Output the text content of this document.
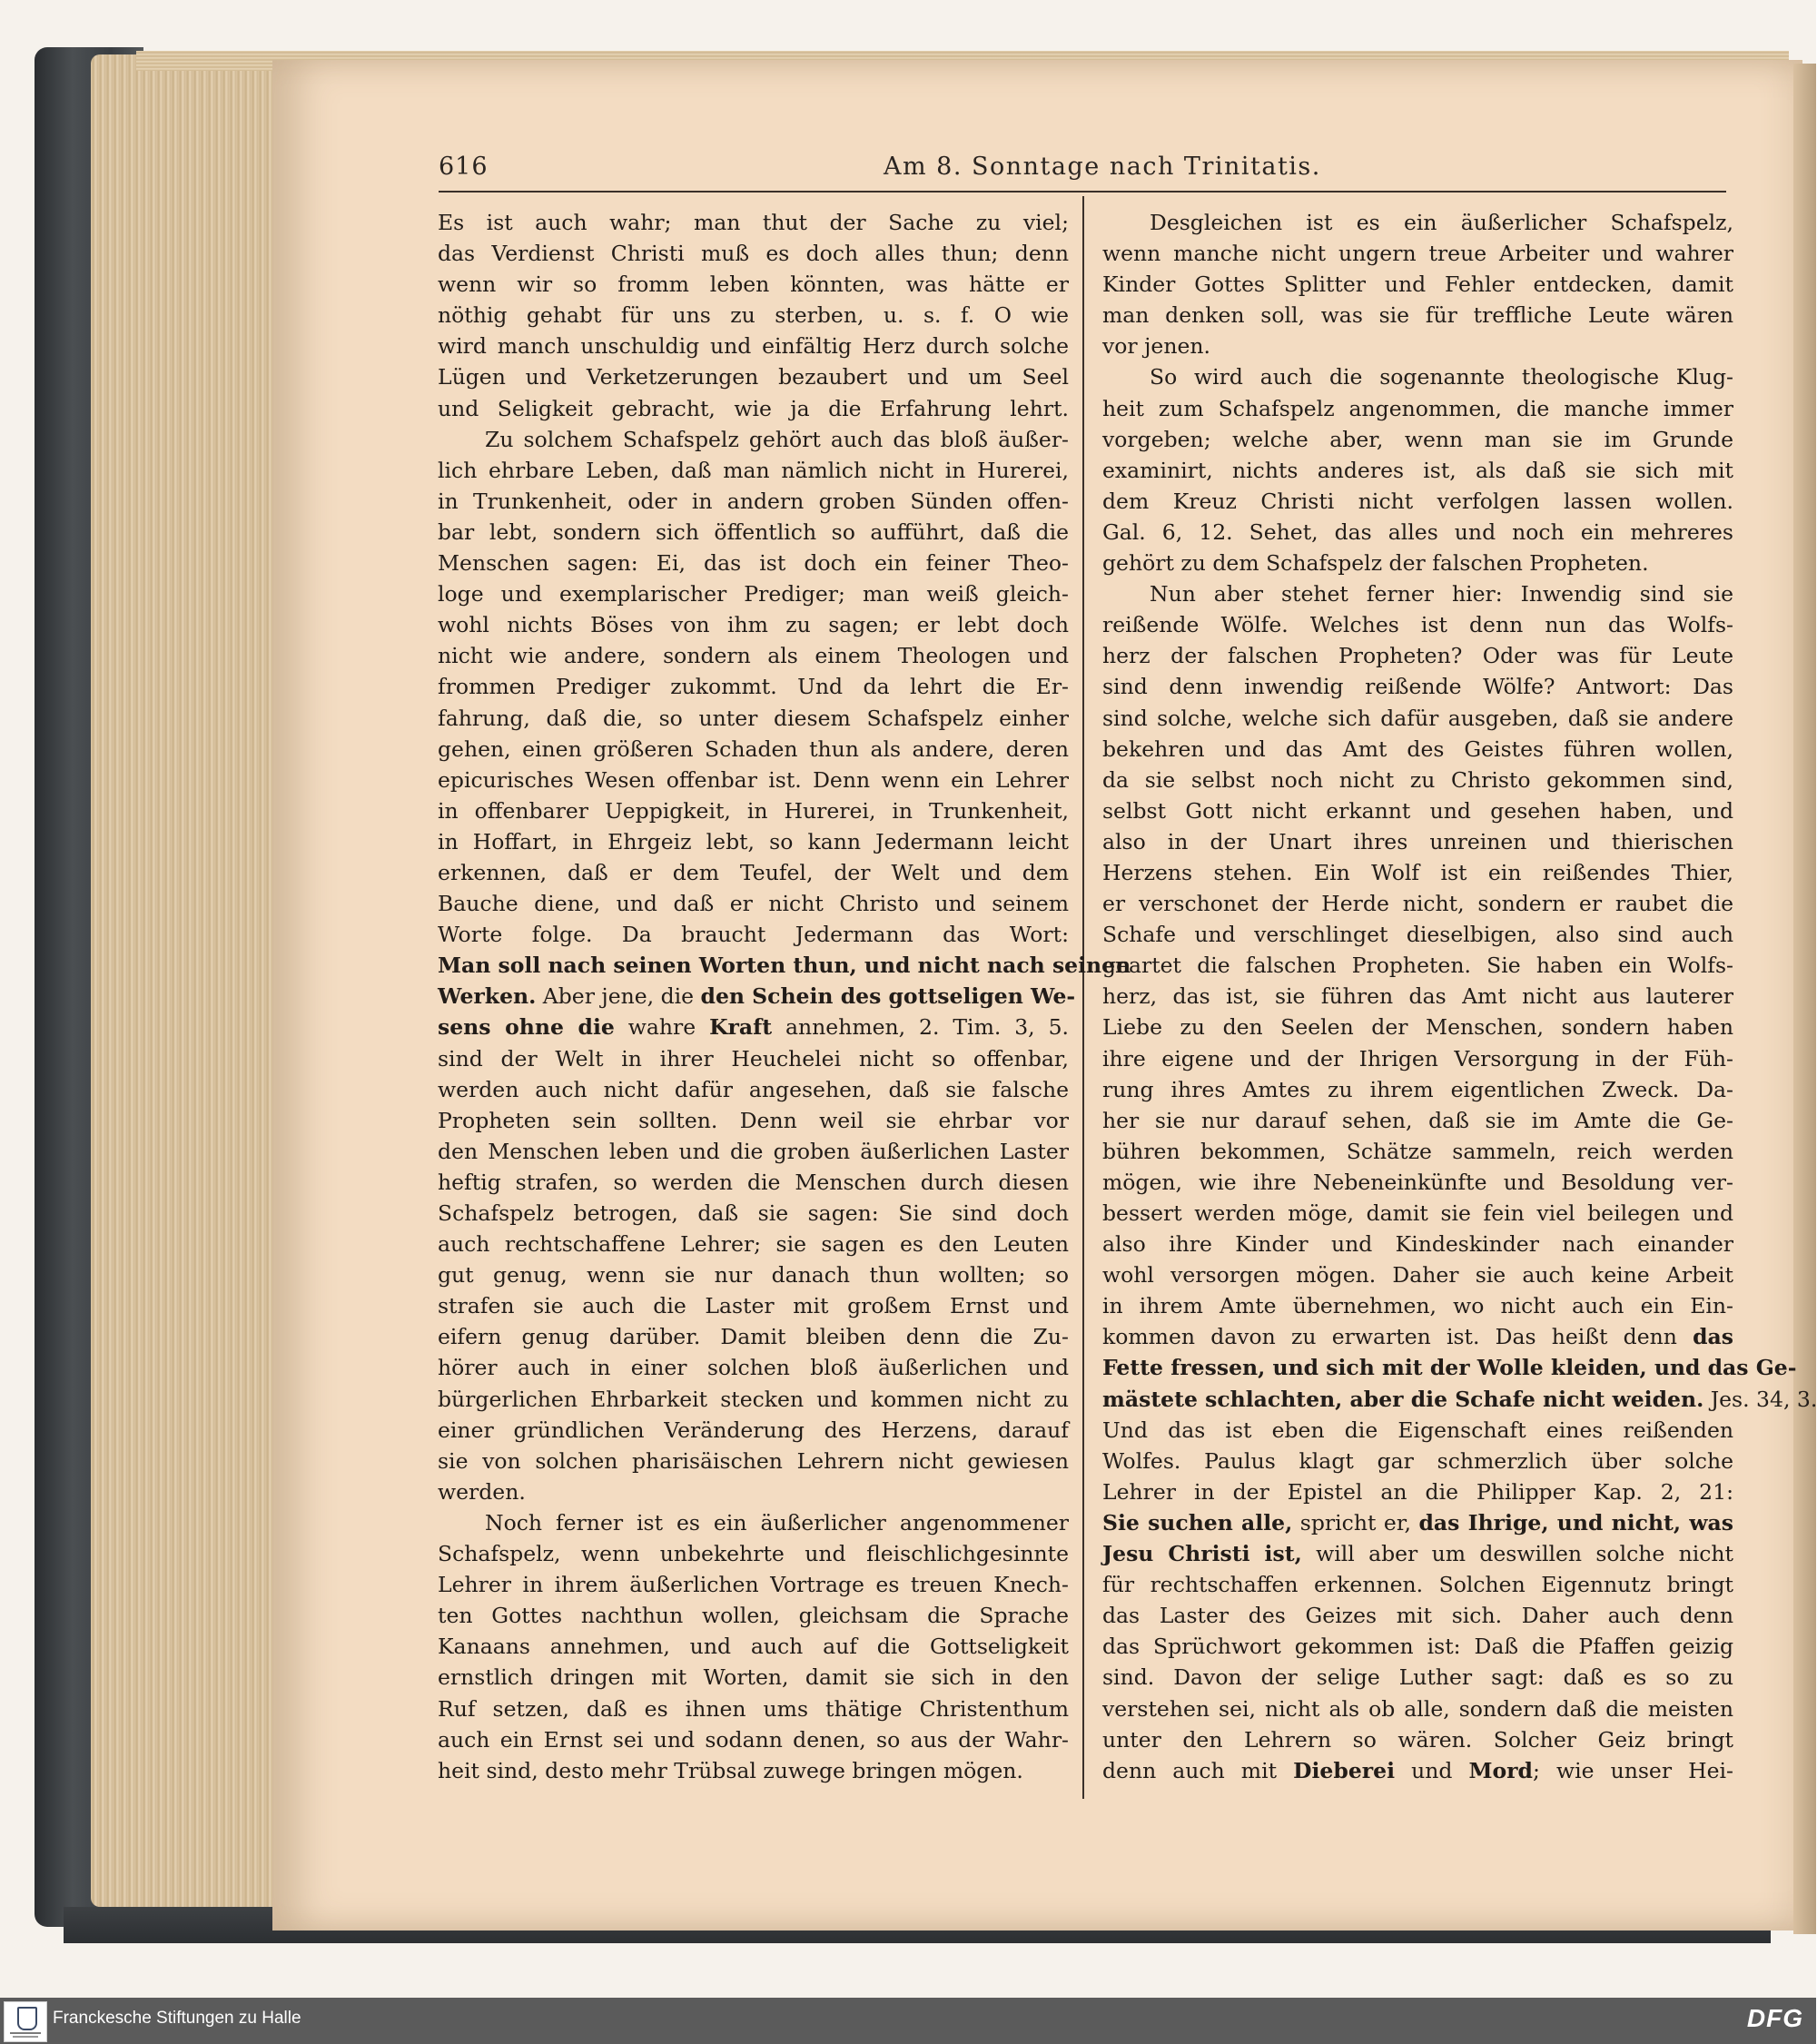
616	Am 8. Sonntage nach Trinitatis.
Es ist auch wahr; man thut der Sache zu viel;
das Verdienst Christi muß es doch alles thun; denn
wenn wir so fromm leben könnten, was hätte er
nöthig gehabt für uns zu sterben, u. s. f. O wie
wird manch unschuldig und einfältig Herz durch solche
Lügen und Verketzerungen bezaubert und um Seel
und Seligkeit gebracht, wie ja die Erfahrung lehrt.
Zu solchem Schafspelz gehört auch das bloß äußer-
lich ehrbare Leben, daß man nämlich nicht in Hurerei,
in Trunkenheit, oder in andern groben Sünden offen-
bar lebt, sondern sich öffentlich so aufführt, daß die
Menschen sagen: Ei, das ist doch ein feiner Theo-
loge und exemplarischer Prediger; man weiß gleich-
wohl nichts Böses von ihm zu sagen; er lebt doch
nicht wie andere, sondern als einem Theologen und
frommen Prediger zukommt. Und da lehrt die Er-
fahrung, daß die, so unter diesem Schafspelz einher
gehen, einen größeren Schaden thun als andere, deren
epicurisches Wesen offenbar ist. Denn wenn ein Lehrer
in offenbarer Ueppigkeit, in Hurerei, in Trunkenheit,
in Hoffart, in Ehrgeiz lebt, so kann Jedermann leicht
erkennen, daß er dem Teufel, der Welt und dem
Bauche diene, und daß er nicht Christo und seinem
Worte folge. Da braucht Jedermann das Wort:
Man soll nach seinen Worten thun, und nicht nach seinen
Werken. Aber jene, die den Schein des gottseligen We-
sens ohne die wahre Kraft annehmen, 2. Tim. 3, 5.
sind der Welt in ihrer Heuchelei nicht so offenbar,
werden auch nicht dafür angesehen, daß sie falsche
Propheten sein sollten. Denn weil sie ehrbar vor
den Menschen leben und die groben äußerlichen Laster
heftig strafen, so werden die Menschen durch diesen
Schafspelz betrogen, daß sie sagen: Sie sind doch
auch rechtschaffene Lehrer; sie sagen es den Leuten
gut genug, wenn sie nur danach thun wollten; so
strafen sie auch die Laster mit großem Ernst und
eifern genug darüber. Damit bleiben denn die Zu-
hörer auch in einer solchen bloß äußerlichen und
bürgerlichen Ehrbarkeit stecken und kommen nicht zu
einer gründlichen Veränderung des Herzens, darauf
sie von solchen pharisäischen Lehrern nicht gewiesen
werden.
Noch ferner ist es ein äußerlicher angenommener
Schafspelz, wenn unbekehrte und fleischlichgesinnte
Lehrer in ihrem äußerlichen Vortrage es treuen Knech-
ten Gottes nachthun wollen, gleichsam die Sprache
Kanaans annehmen, und auch auf die Gottseligkeit
ernstlich dringen mit Worten, damit sie sich in den
Ruf setzen, daß es ihnen ums thätige Christenthum
auch ein Ernst sei und sodann denen, so aus der Wahr-
heit sind, desto mehr Trübsal zuwege bringen mögen.
Desgleichen ist es ein äußerlicher Schafspelz,
wenn manche nicht ungern treue Arbeiter und wahrer
Kinder Gottes Splitter und Fehler entdecken, damit
man denken soll, was sie für treffliche Leute wären
vor jenen.
So wird auch die sogenannte theologische Klug-
heit zum Schafspelz angenommen, die manche immer
vorgeben; welche aber, wenn man sie im Grunde
examinirt, nichts anderes ist, als daß sie sich mit
dem Kreuz Christi nicht verfolgen lassen wollen.
Gal. 6, 12. Sehet, das alles und noch ein mehreres
gehört zu dem Schafspelz der falschen Propheten.
Nun aber stehet ferner hier: Inwendig sind sie
reißende Wölfe. Welches ist denn nun das Wolfs-
herz der falschen Propheten? Oder was für Leute
sind denn inwendig reißende Wölfe? Antwort: Das
sind solche, welche sich dafür ausgeben, daß sie andere
bekehren und das Amt des Geistes führen wollen,
da sie selbst noch nicht zu Christo gekommen sind,
selbst Gott nicht erkannt und gesehen haben, und
also in der Unart ihres unreinen und thierischen
Herzens stehen. Ein Wolf ist ein reißendes Thier,
er verschonet der Herde nicht, sondern er raubet die
Schafe und verschlinget dieselbigen, also sind auch
geartet die falschen Propheten. Sie haben ein Wolfs-
herz, das ist, sie führen das Amt nicht aus lauterer
Liebe zu den Seelen der Menschen, sondern haben
ihre eigene und der Ihrigen Versorgung in der Füh-
rung ihres Amtes zu ihrem eigentlichen Zweck. Da-
her sie nur darauf sehen, daß sie im Amte die Ge-
bühren bekommen, Schätze sammeln, reich werden
mögen, wie ihre Nebeneinkünfte und Besoldung ver-
bessert werden möge, damit sie fein viel beilegen und
also ihre Kinder und Kindeskinder nach einander
wohl versorgen mögen. Daher sie auch keine Arbeit
in ihrem Amte übernehmen, wo nicht auch ein Ein-
kommen davon zu erwarten ist. Das heißt denn das
Fette fressen, und sich mit der Wolle kleiden, und das Ge-
mästete schlachten, aber die Schafe nicht weiden. Jes. 34, 3.
Und das ist eben die Eigenschaft eines reißenden
Wolfes. Paulus klagt gar schmerzlich über solche
Lehrer in der Epistel an die Philipper Kap. 2, 21:
Sie suchen alle, spricht er, das Ihrige, und nicht, was
Jesu Christi ist, will aber um deswillen solche nicht
für rechtschaffen erkennen. Solchen Eigennutz bringt
das Laster des Geizes mit sich. Daher auch denn
das Sprüchwort gekommen ist: Daß die Pfaffen geizig
sind. Davon der selige Luther sagt: daß es so zu
verstehen sei, nicht als ob alle, sondern daß die meisten
unter den Lehrern so wären. Solcher Geiz bringt
denn auch mit Dieberei und Mord; wie unser Hei-
Franckesche Stiftungen zu Halle	DFG
